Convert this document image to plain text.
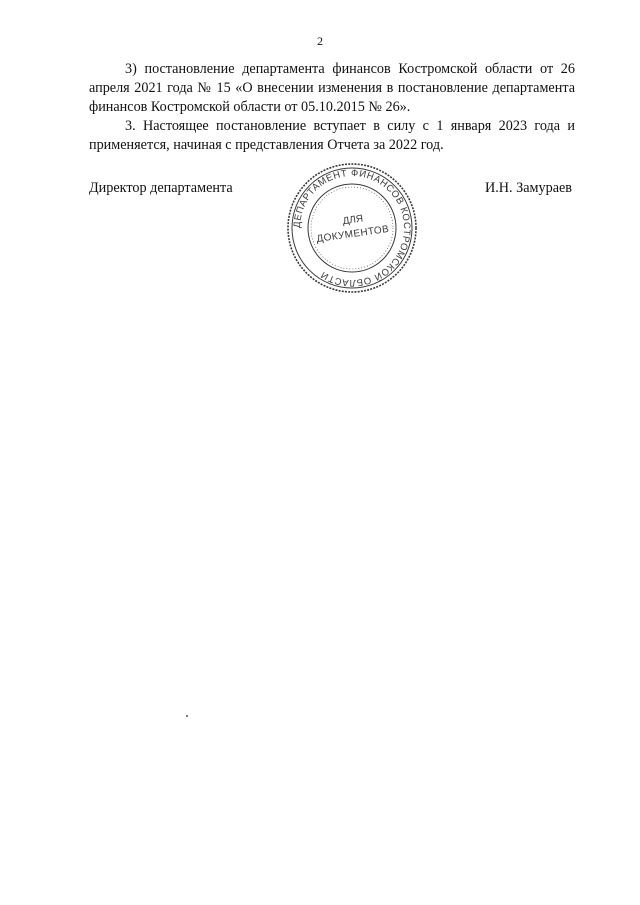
2

3) постановление департамента финансов Костромской области от 26 апреля 2021 года № 15 «О внесении изменения в постановление департамента финансов Костромской области от 05.10.2015 № 26».

3. Настоящее постановление вступает в силу с 1 января 2023 года и применяется, начиная с представления Отчета за 2022 год.

Директор департамента
ДЕПАРТАМЕНТ ФИНАНСОВ КОСТРОМСКОЙ ОБЛАСТИ
ДЛЯ
ДОКУМЕНТОВ
И.Н. Замураев
